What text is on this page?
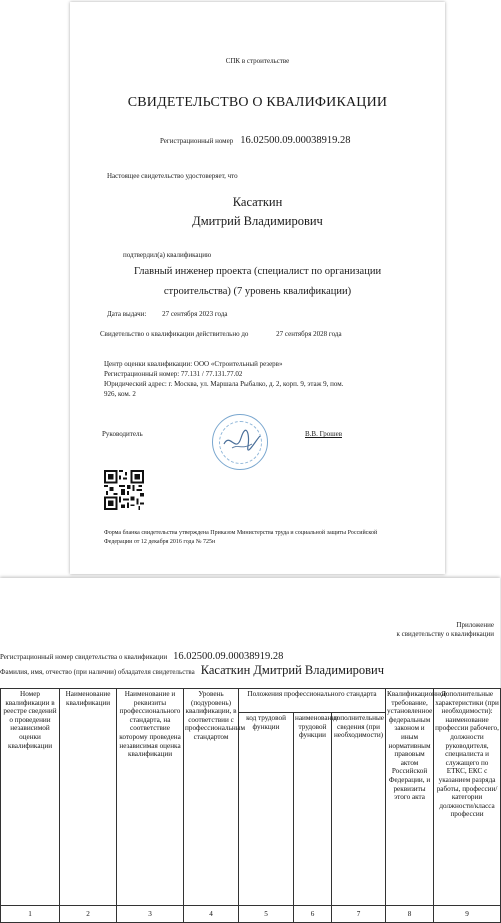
СПК в строительстве
СВИДЕТЕЛЬСТВО О КВАЛИФИКАЦИИ
Регистрационный номер 16.02500.09.00038919.28
Настоящее свидетельство удостоверяет, что
Касаткин
Дмитрий Владимирович
подтвердил(а) квалификацию
Главный инженер проекта (специалист по организации
строительства) (7 уровень квалификации)
Дата выдачи: 27 сентября 2023 года
Свидетельство о квалификации действительно до	27 сентября 2028 года
Центр оценки квалификации: ООО «Строительный резерв»
Регистрационный номер: 77.131 / 77.131.77.02
Юридический адрес: г. Москва, ул. Маршала Рыбалко, д. 2, корп. 9, этаж 9, пом.
926, ком. 2
Руководитель	В.В. Грошев
Форма бланка свидетельства утверждена Приказом Министерства труда и социальной защиты Российской
Федерации от 12 декабря 2016 года № 725н
Приложение
к свидетельству о квалификации
Регистрационный номер свидетельства о квалификации 16.02500.09.00038919.28
Фамилия, имя, отчество (при наличии) обладателя свидетельства Касаткин Дмитрий Владимирович
Номер квалификации в реестре сведений о проведении независимой оценки квалификации	Наименование квалификации	Наименование и реквизиты профессионального стандарта, на соответствие которому проведена независимая оценка квалификации	Уровень (подуровень) квалификации, в соответствии с профессиональным стандартом	Положения профессионального стандарта			Квалификационное требование, установленное федеральным законом и иным нормативным правовым актом Российской Федерации, и реквизиты этого акта	Дополнительные характеристики (при необходимости): наименование профессии рабочего, должности руководителя, специалиста и служащего по ЕТКС, ЕКС с указанием разряда работы, профессии/категории должности/класса профессии
				код трудовой функции	наименование трудовой функции	дополнительные сведения (при необходимости)		
1	2	3	4	5	6	7	8	9
